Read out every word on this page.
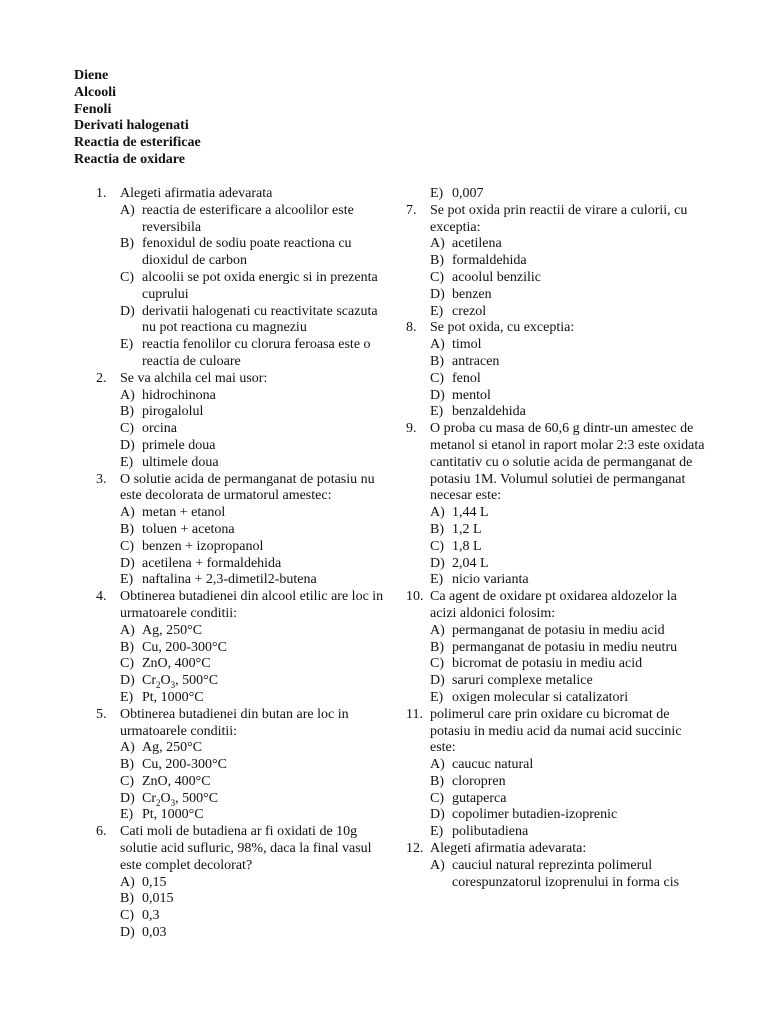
Diene
Alcooli
Fenoli
Derivati halogenati
Reactia de esterificae
Reactia de oxidare
1. Alegeti afirmatia adevarata
A) reactia de esterificare a alcoolilor este reversibila
B) fenoxidul de sodiu poate reactiona cu dioxidul de carbon
C) alcoolii se pot oxida energic si in prezenta cuprului
D) derivatii halogenati cu reactivitate scazuta nu pot reactiona cu magneziu
E) reactia fenolilor cu clorura feroasa este o reactia de culoare
2. Se va alchila cel mai usor:
A) hidrochinona
B) pirogalolul
C) orcina
D) primele doua
E) ultimele doua
3. O solutie acida de permanganat de potasiu nu este decolorata de urmatorul amestec:
A) metan + etanol
B) toluen + acetona
C) benzen + izopropanol
D) acetilena + formaldehida
E) naftalina + 2,3-dimetil2-butena
4. Obtinerea butadienei din alcool etilic are loc in urmatoarele conditii:
A) Ag, 250°C
B) Cu, 200-300°C
C) ZnO, 400°C
D) $Cr_2O_3$, 500°C
E) Pt, 1000°C
5. Obtinerea butadienei din butan are loc in urmatoarele conditii:
A) Ag, 250°C
B) Cu, 200-300°C
C) ZnO, 400°C
D) $Cr_2O_3$, 500°C
E) Pt, 1000°C
6. Cati moli de butadiena ar fi oxidati de 10g solutie acid sufluric, 98%, daca la final vasul este complet decolorat?
A) 0,15
B) 0,015
C) 0,3
D) 0,03
E) 0,007
7. Se pot oxida prin reactii de virare a culorii, cu exceptia:
A) acetilena
B) formaldehida
C) acoolul benzilic
D) benzen
E) crezol
8. Se pot oxida, cu exceptia:
A) timol
B) antracen
C) fenol
D) mentol
E) benzaldehida
9. O proba cu masa de 60,6 g dintr-un amestec de metanol si etanol in raport molar 2:3 este oxidata cantitativ cu o solutie acida de permanganat de potasiu 1M. Volumul solutiei de permanganat necesar este:
A) 1,44 L
B) 1,2 L
C) 1,8 L
D) 2,04 L
E) nicio varianta
10. Ca agent de oxidare pt oxidarea aldozelor la acizi aldonici folosim:
A) permanganat de potasiu in mediu acid
B) permanganat de potasiu in mediu neutru
C) bicromat de potasiu in mediu acid
D) saruri complexe metalice
E) oxigen molecular si catalizatori
11. polimerul care prin oxidare cu bicromat de potasiu in mediu acid da numai acid succinic este:
A) caucuc natural
B) cloropren
C) gutaperca
D) copolimer butadien-izoprenic
E) polibutadiena
12. Alegeti afirmatia adevarata:
A) cauciul natural reprezinta polimerul corespunzatorul izoprenului in forma cis
